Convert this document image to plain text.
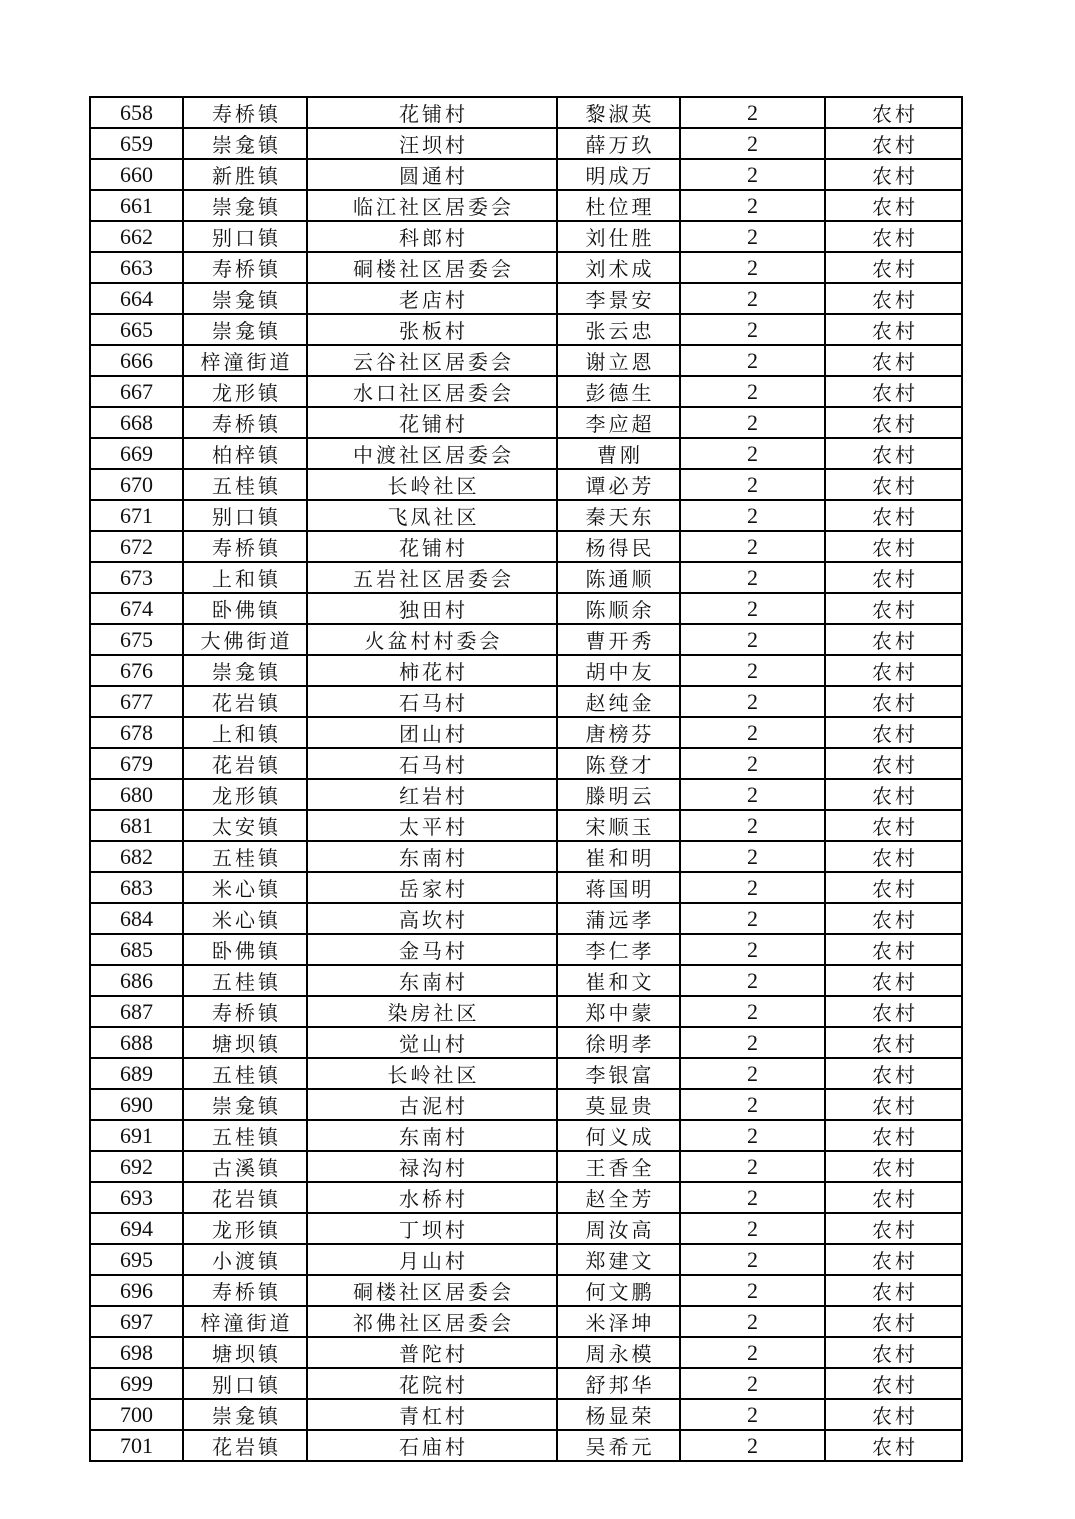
658	寿桥镇	花铺村	黎淑英	2	农村
659	崇龛镇	汪坝村	薛万玖	2	农村
660	新胜镇	圆通村	明成万	2	农村
661	崇龛镇	临江社区居委会	杜位理	2	农村
662	别口镇	科郎村	刘仕胜	2	农村
663	寿桥镇	硐楼社区居委会	刘术成	2	农村
664	崇龛镇	老店村	李景安	2	农村
665	崇龛镇	张板村	张云忠	2	农村
666	梓潼街道	云谷社区居委会	谢立恩	2	农村
667	龙形镇	水口社区居委会	彭德生	2	农村
668	寿桥镇	花铺村	李应超	2	农村
669	柏梓镇	中渡社区居委会	曹刚	2	农村
670	五桂镇	长岭社区	谭必芳	2	农村
671	别口镇	飞凤社区	秦天东	2	农村
672	寿桥镇	花铺村	杨得民	2	农村
673	上和镇	五岩社区居委会	陈通顺	2	农村
674	卧佛镇	独田村	陈顺余	2	农村
675	大佛街道	火盆村村委会	曹开秀	2	农村
676	崇龛镇	柿花村	胡中友	2	农村
677	花岩镇	石马村	赵纯金	2	农村
678	上和镇	团山村	唐榜芬	2	农村
679	花岩镇	石马村	陈登才	2	农村
680	龙形镇	红岩村	滕明云	2	农村
681	太安镇	太平村	宋顺玉	2	农村
682	五桂镇	东南村	崔和明	2	农村
683	米心镇	岳家村	蒋国明	2	农村
684	米心镇	高坎村	蒲远孝	2	农村
685	卧佛镇	金马村	李仁孝	2	农村
686	五桂镇	东南村	崔和文	2	农村
687	寿桥镇	染房社区	郑中蒙	2	农村
688	塘坝镇	觉山村	徐明孝	2	农村
689	五桂镇	长岭社区	李银富	2	农村
690	崇龛镇	古泥村	莫显贵	2	农村
691	五桂镇	东南村	何义成	2	农村
692	古溪镇	禄沟村	王香全	2	农村
693	花岩镇	水桥村	赵全芳	2	农村
694	龙形镇	丁坝村	周汝高	2	农村
695	小渡镇	月山村	郑建文	2	农村
696	寿桥镇	硐楼社区居委会	何文鹏	2	农村
697	梓潼街道	祁佛社区居委会	米泽坤	2	农村
698	塘坝镇	普陀村	周永模	2	农村
699	别口镇	花院村	舒邦华	2	农村
700	崇龛镇	青杠村	杨显荣	2	农村
701	花岩镇	石庙村	吴希元	2	农村
